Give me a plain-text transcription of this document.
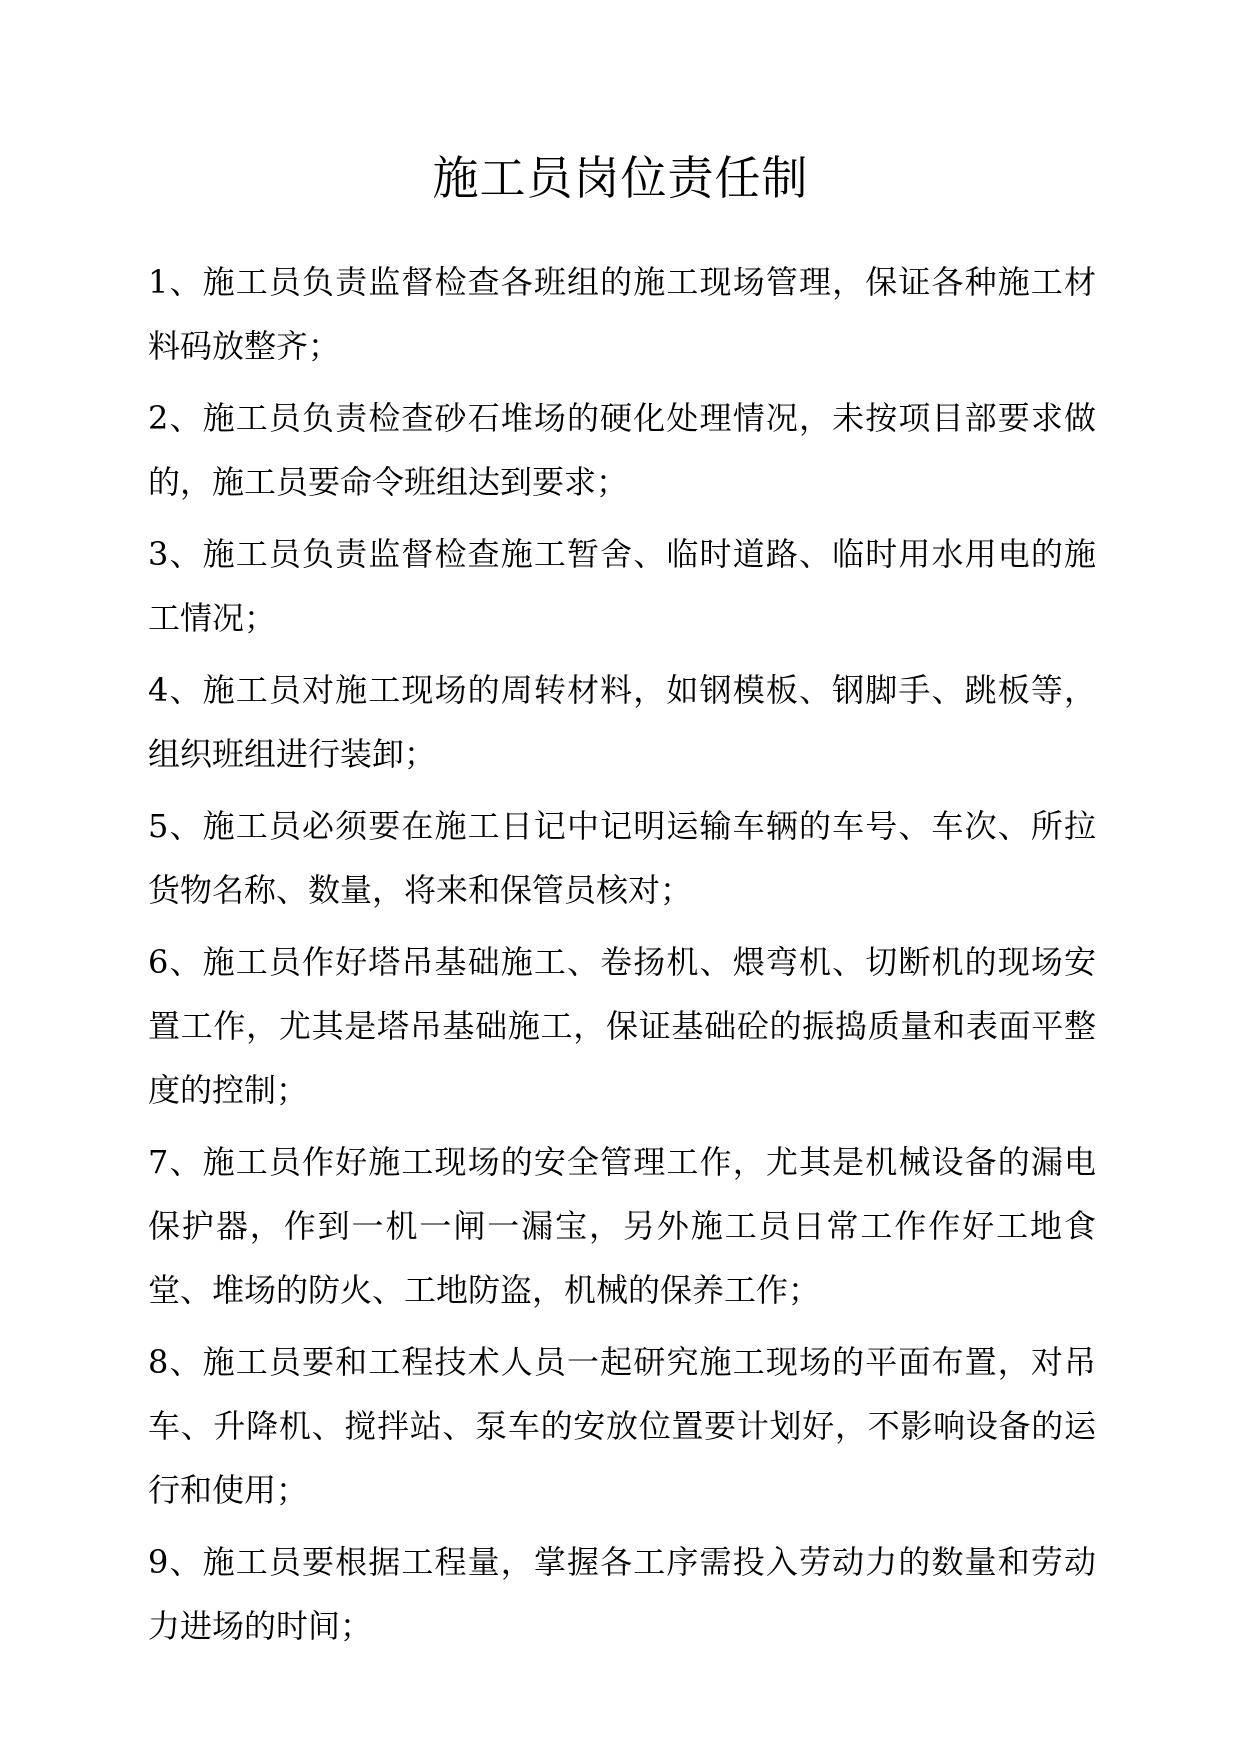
施工员岗位责任制

1、施工员负责监督检查各班组的施工现场管理，保证各种施工材料码放整齐；

2、施工员负责检查砂石堆场的硬化处理情况，未按项目部要求做的，施工员要命令班组达到要求；

3、施工员负责监督检查施工暂舍、临时道路、临时用水用电的施工情况；

4、施工员对施工现场的周转材料，如钢模板、钢脚手、跳板等，组织班组进行装卸；

5、施工员必须要在施工日记中记明运输车辆的车号、车次、所拉货物名称、数量，将来和保管员核对；

6、施工员作好塔吊基础施工、卷扬机、煨弯机、切断机的现场安置工作，尤其是塔吊基础施工，保证基础砼的振捣质量和表面平整度的控制；

7、施工员作好施工现场的安全管理工作，尤其是机械设备的漏电保护器，作到一机一闸一漏宝，另外施工员日常工作作好工地食堂、堆场的防火、工地防盗，机械的保养工作；

8、施工员要和工程技术人员一起研究施工现场的平面布置，对吊车、升降机、搅拌站、泵车的安放位置要计划好，不影响设备的运行和使用；

9、施工员要根据工程量，掌握各工序需投入劳动力的数量和劳动力进场的时间；
